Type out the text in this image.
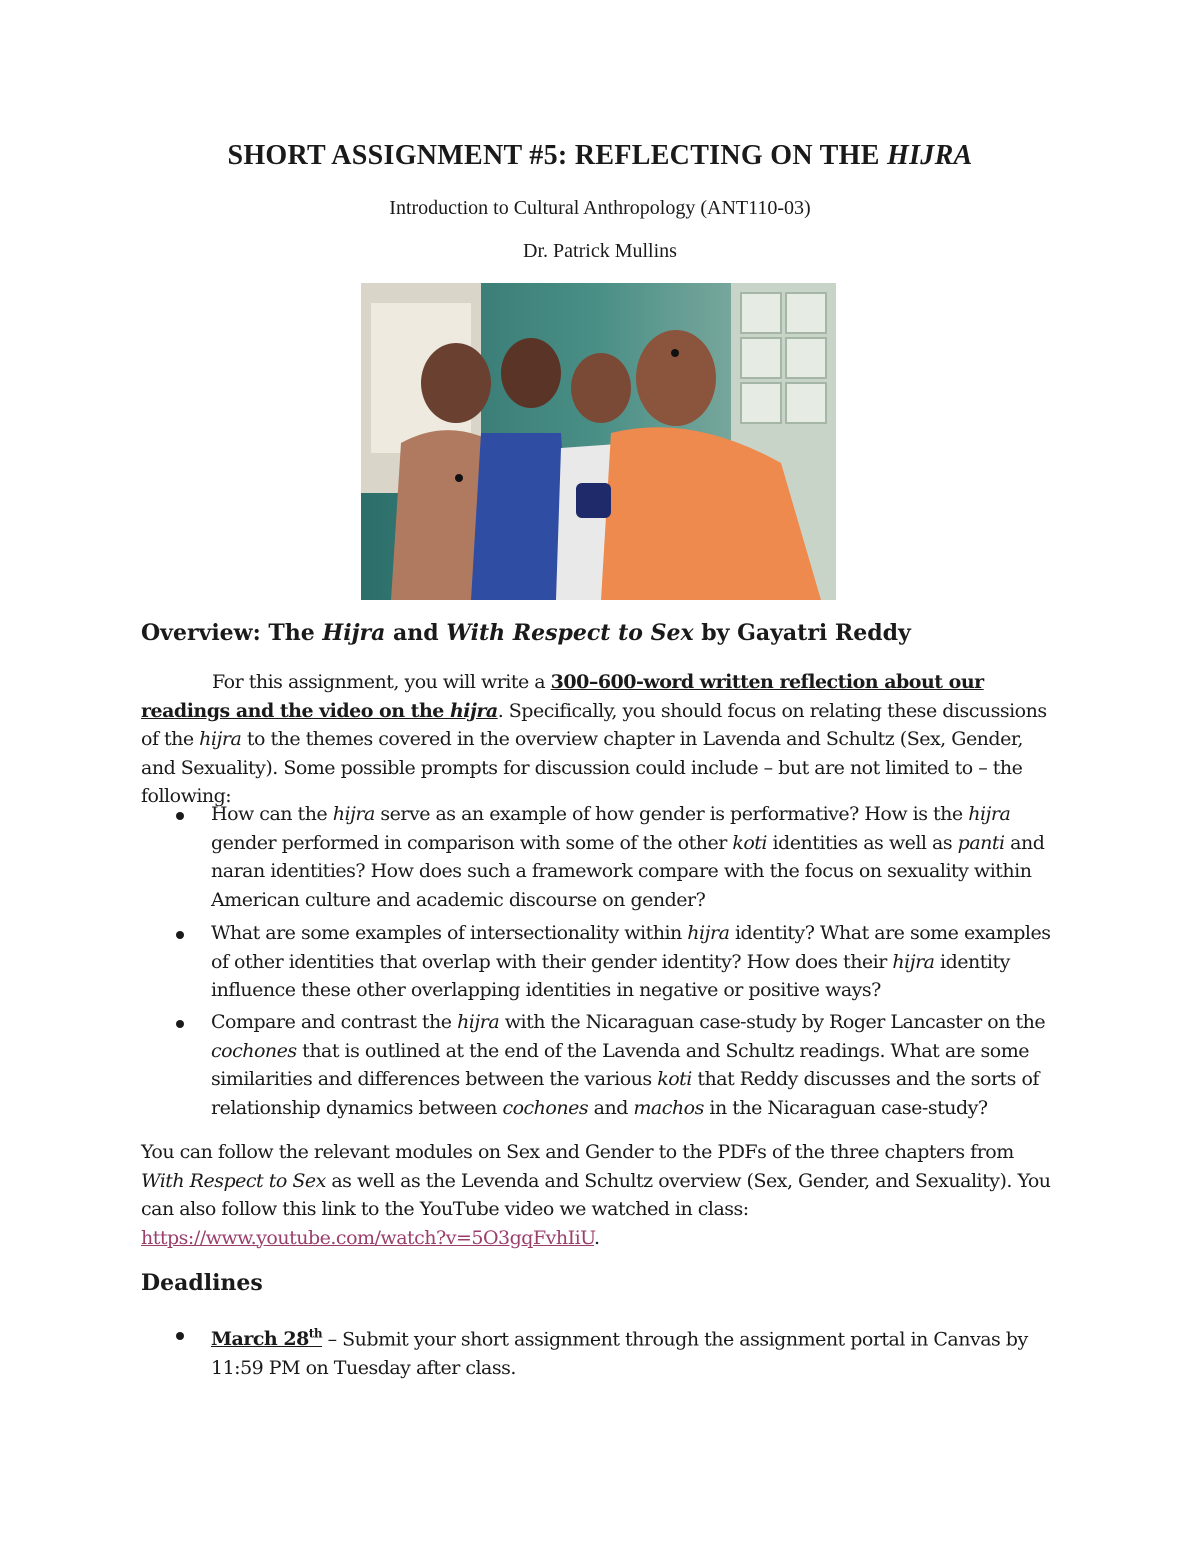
SHORT ASSIGNMENT #5: REFLECTING ON THE HIJRA
Introduction to Cultural Anthropology (ANT110-03)
Dr. Patrick Mullins
Overview: The Hijra and With Respect to Sex by Gayatri Reddy
For this assignment, you will write a 300–600-word written reflection about our readings and the video on the hijra. Specifically, you should focus on relating these discussions of the hijra to the themes covered in the overview chapter in Lavenda and Schultz (Sex, Gender, and Sexuality). Some possible prompts for discussion could include – but are not limited to – the following:
How can the hijra serve as an example of how gender is performative? How is the hijra gender performed in comparison with some of the other koti identities as well as panti and naran identities? How does such a framework compare with the focus on sexuality within American culture and academic discourse on gender?
What are some examples of intersectionality within hijra identity? What are some examples of other identities that overlap with their gender identity? How does their hijra identity influence these other overlapping identities in negative or positive ways?
Compare and contrast the hijra with the Nicaraguan case-study by Roger Lancaster on the cochones that is outlined at the end of the Lavenda and Schultz readings. What are some similarities and differences between the various koti that Reddy discusses and the sorts of relationship dynamics between cochones and machos in the Nicaraguan case-study?
You can follow the relevant modules on Sex and Gender to the PDFs of the three chapters from With Respect to Sex as well as the Levenda and Schultz overview (Sex, Gender, and Sexuality). You can also follow this link to the YouTube video we watched in class: https://www.youtube.com/watch?v=5O3gqFvhIiU.
Deadlines
March 28th – Submit your short assignment through the assignment portal in Canvas by 11:59 PM on Tuesday after class.
